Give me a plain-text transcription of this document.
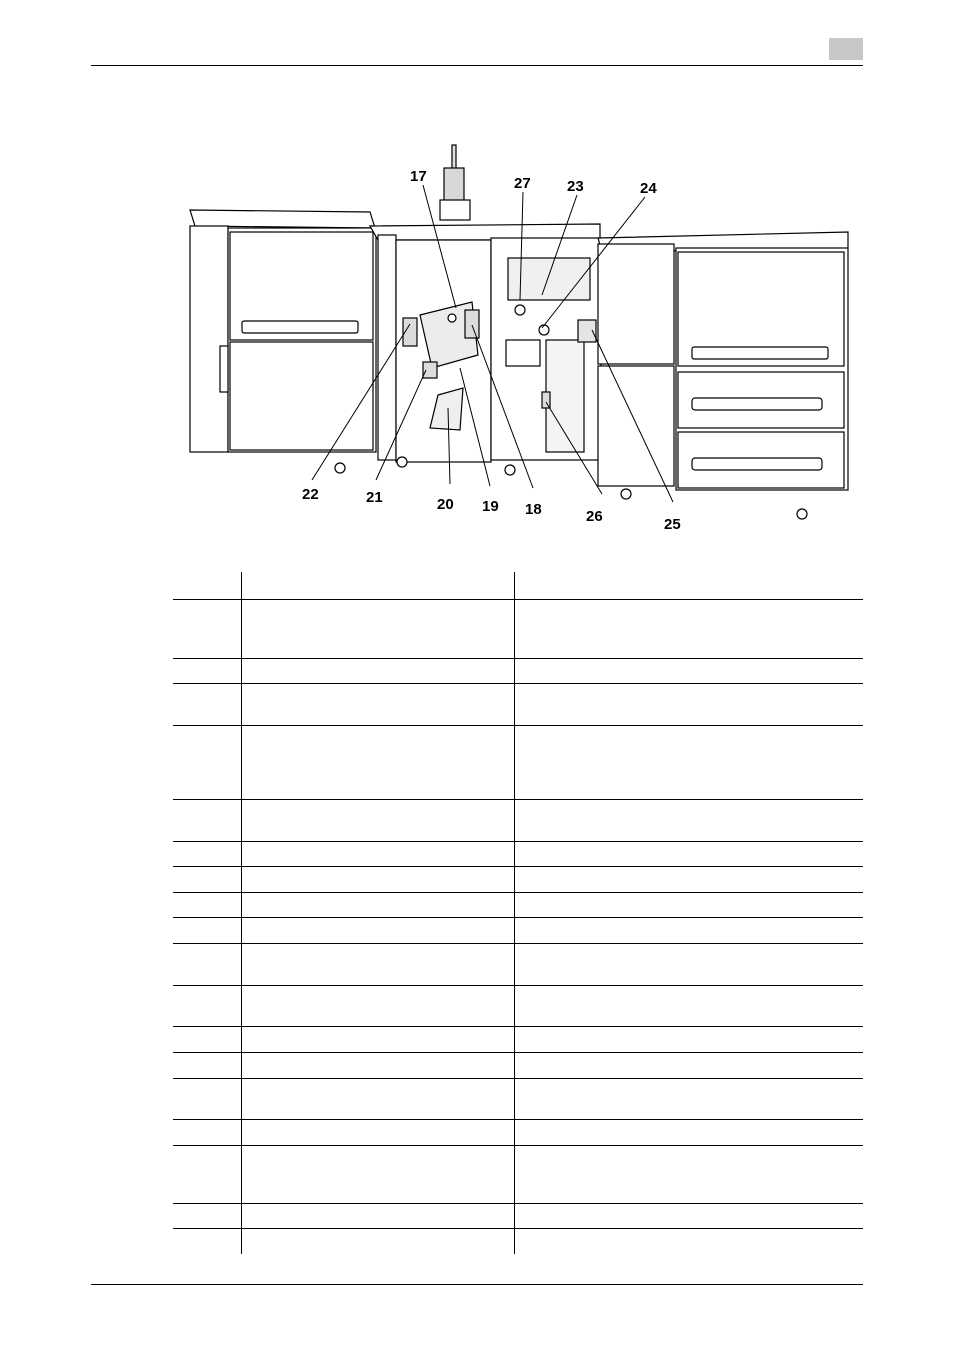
17	27 23	24
22	21	20 19 18	26	25
